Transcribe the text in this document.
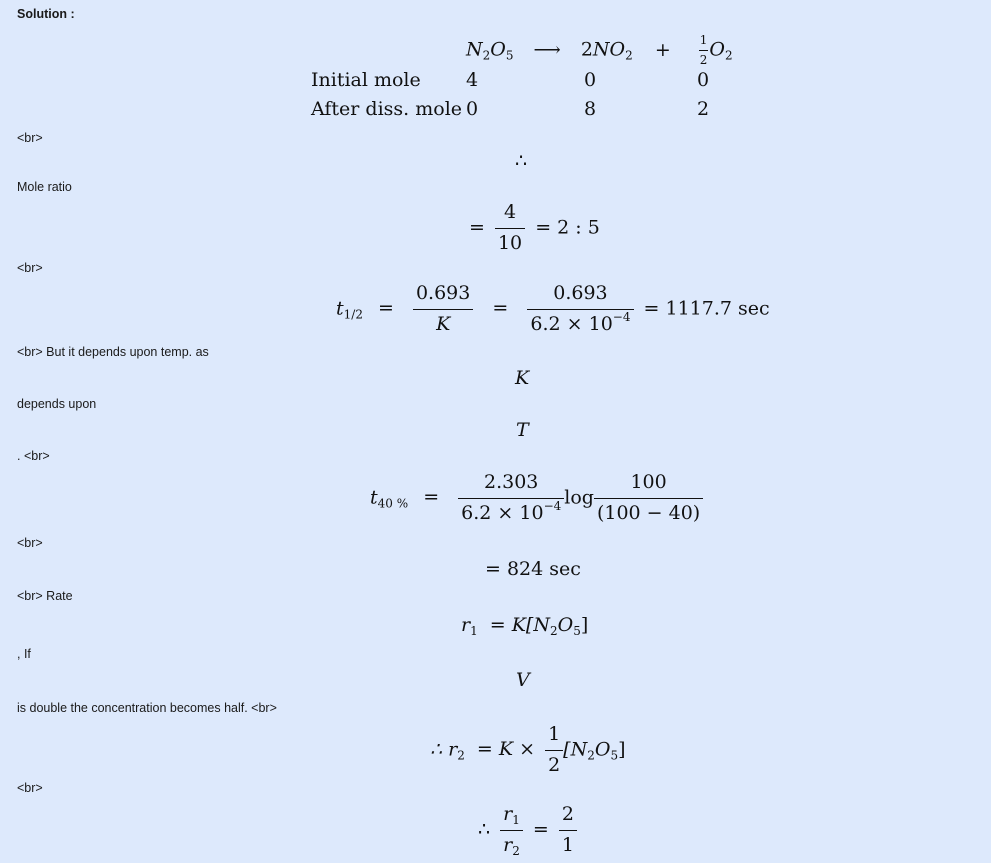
Solution :
$N_2O_5$ ⟶ $2NO_2 + \frac{1}{2} O_2$
Initial mole	4	0	0
After diss. mole	0	8	2
<br>
∴
Mole ratio
= $\frac{4}{10} = 2$ : 5
<br>
$t_{1/2} = \frac{0.693}{K} = \frac{0.693}{6.2 \times 10^{-4}} = 1117.7$ sec
<br> But it depends upon temp. as
K
depends upon
T
. <br>
$t_{40 \%} = \frac{2.303}{6.2 \times 10^{-4}}$ $\log \frac{100}{(100 - 40)}$
<br>
= 824 sec
<br> Rate
$r_1 = K[N_2O_5]$
, If
V
is double the concentration becomes half. <br>
∴ $r_2 = K \times \frac{1}{2} [N_2O_5]$
<br>
∴ $\frac{r_1}{r_2} = \frac{2}{1}$
